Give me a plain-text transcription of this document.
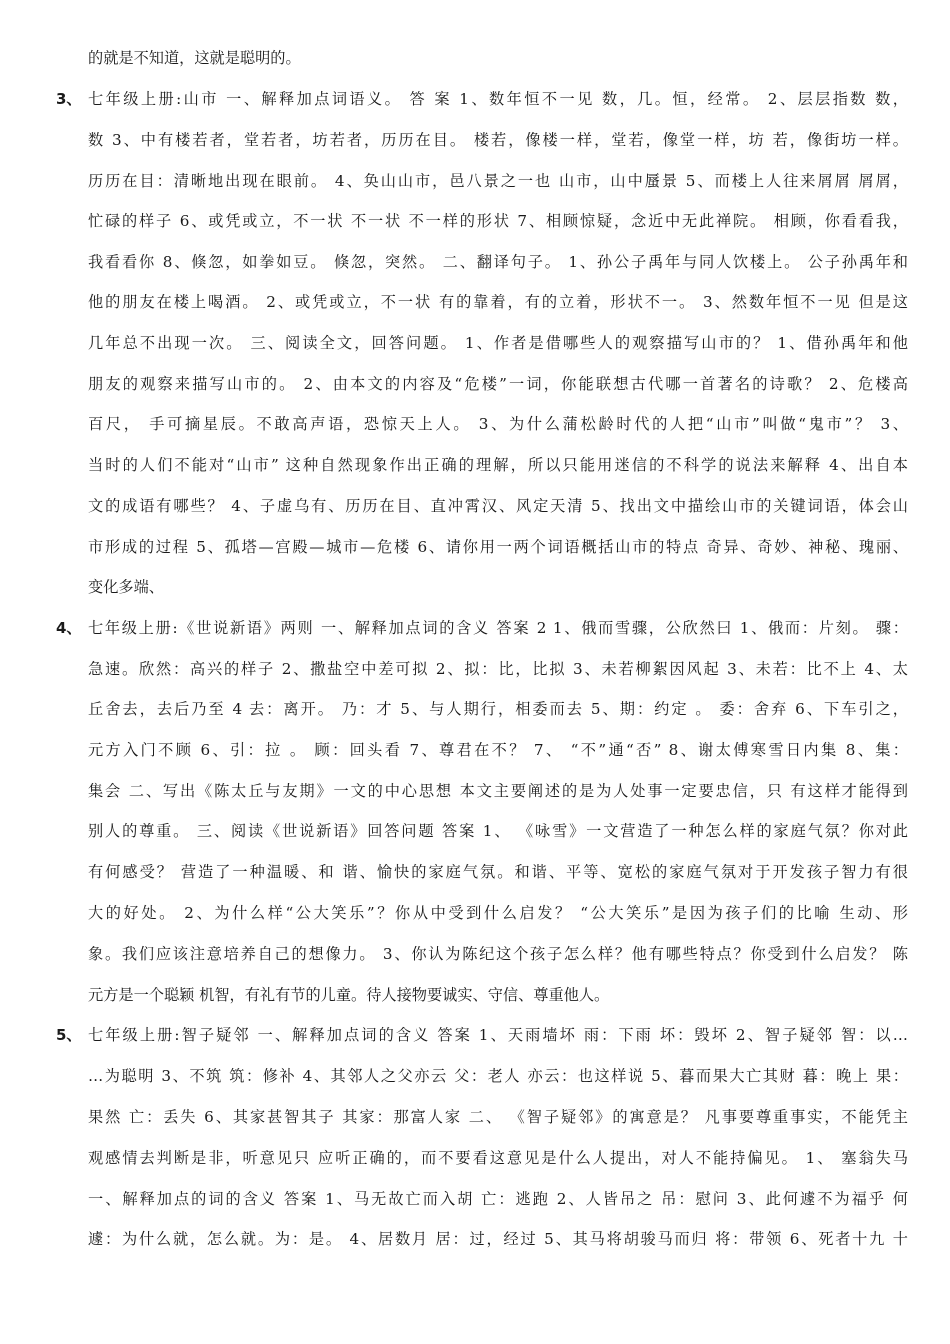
的就是不知道，这就是聪明的。
3、 七年级上册:山市 一、解释加点词语义。 答 案 1、数年恒不一见 数，几。恒，经常。 2、层层指数 数，
数 3、中有楼若者，堂若者，坊若者，历历在目。 楼若，像楼一样，堂若，像堂一样，坊 若，像街坊一样。
历历在目：清晰地出现在眼前。 4、奂山山市，邑八景之一也 山市，山中蜃景 5、而楼上人往来屑屑 屑屑，
忙碌的样子 6、或凭或立，不一状 不一状 不一样的形状 7、相顾惊疑，念近中无此禅院。 相顾，你看看我，
我看看你 8、倏忽，如拳如豆。 倏忽，突然。 二、翻译句子。 1、孙公子禹年与同人饮楼上。 公子孙禹年和
他的朋友在楼上喝酒。 2、或凭或立，不一状 有的靠着，有的立着，形状不一。 3、然数年恒不一见 但是这
几年总不出现一次。 三、阅读全文，回答问题。 1、作者是借哪些人的观察描写山市的？ 1、借孙禹年和他
朋友的观察来描写山市的。 2、由本文的内容及“危楼”一词，你能联想古代哪一首著名的诗歌？ 2、危楼高
百尺， 手可摘星辰。不敢高声语，恐惊天上人。 3、为什么蒲松龄时代的人把“山市”叫做“鬼市”？ 3、
当时的人们不能对“山市” 这种自然现象作出正确的理解，所以只能用迷信的不科学的说法来解释 4、出自本
文的成语有哪些？ 4、子虚乌有、历历在目、直冲霄汉、风定天清 5、找出文中描绘山市的关键词语，体会山
市形成的过程 5、孤塔—宫殿—城市—危楼 6、请你用一两个词语概括山市的特点 奇异、奇妙、神秘、瑰丽、
变化多端、
4、 七年级上册:《世说新语》两则 一、解释加点词的含义 答案 2 1、俄而雪骤，公欣然曰 1、俄而：片刻。 骤：
急速。欣然：高兴的样子 2、撒盐空中差可拟 2、拟：比，比拟 3、未若柳絮因风起 3、未若：比不上 4、太
丘舍去，去后乃至 4 去：离开。 乃：才 5、与人期行，相委而去 5、期：约定 。 委：舍弃 6、下车引之，
元方入门不顾 6、引：拉 。 顾：回头看 7、尊君在不？ 7、 “不”通“否” 8、谢太傅寒雪日内集 8、集：
集会 二、写出《陈太丘与友期》一文的中心思想 本文主要阐述的是为人处事一定要忠信，只 有这样才能得到
别人的尊重。 三、阅读《世说新语》回答问题 答案 1、 《咏雪》一文营造了一种怎么样的家庭气氛？你对此
有何感受？ 营造了一种温暖、和 谐、愉快的家庭气氛。和谐、平等、宽松的家庭气氛对于开发孩子智力有很
大的好处。 2、为什么样“公大笑乐”？你从中受到什么启发？ “公大笑乐”是因为孩子们的比喻 生动、形
象。我们应该注意培养自己的想像力。 3、你认为陈纪这个孩子怎么样？他有哪些特点？你受到什么启发？ 陈
元方是一个聪颖 机智，有礼有节的儿童。待人接物要诚实、守信、尊重他人。
5、 七年级上册:智子疑邻 一、解释加点词的含义 答案 1、天雨墙坏 雨：下雨 坏：毁坏 2、智子疑邻 智：以…
…为聪明 3、不筑 筑：修补 4、其邻人之父亦云 父：老人 亦云：也这样说 5、暮而果大亡其财 暮：晚上 果：
果然 亡：丢失 6、其家甚智其子 其家：那富人家 二、 《智子疑邻》的寓意是？ 凡事要尊重事实，不能凭主
观感情去判断是非，听意见只 应听正确的，而不要看这意见是什么人提出，对人不能持偏见。 1、 塞翁失马
一、解释加点的词的含义 答案 1、马无故亡而入胡 亡：逃跑 2、人皆吊之 吊：慰问 3、此何遽不为福乎 何
遽：为什么就，怎么就。为：是。 4、居数月 居：过，经过 5、其马将胡骏马而归 将：带领 6、死者十九 十
